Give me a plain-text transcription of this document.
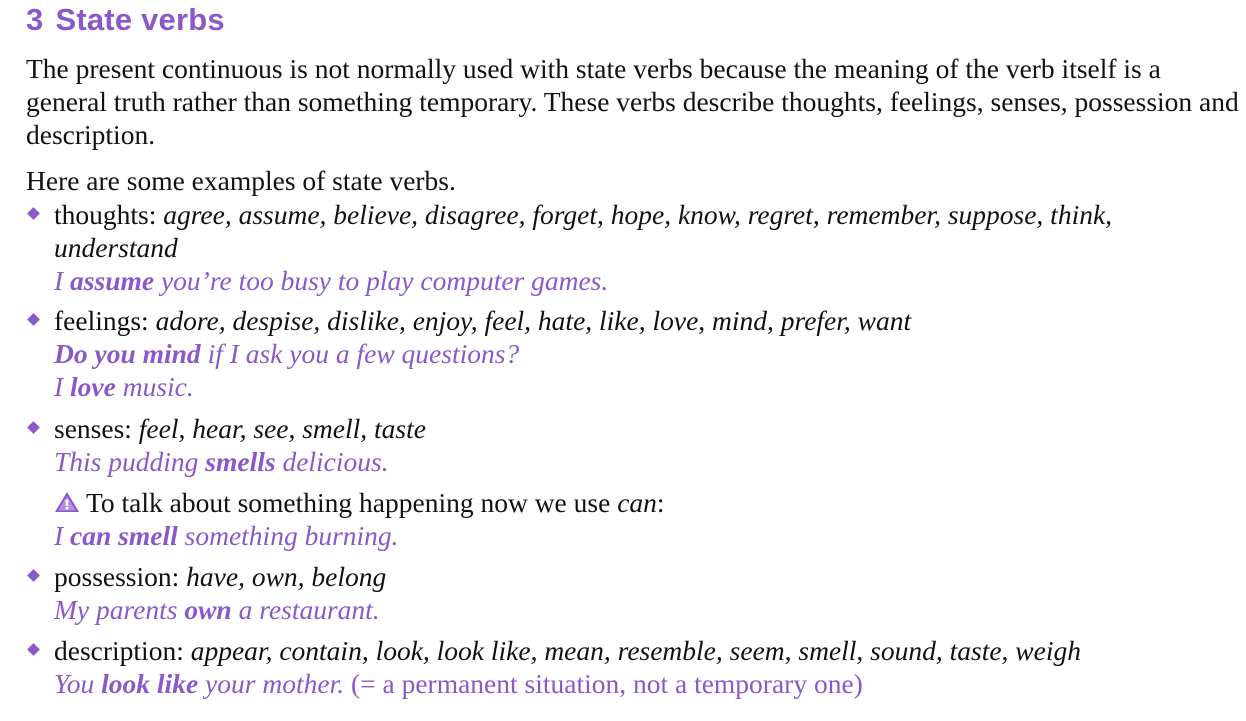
3 State verbs

The present continuous is not normally used with state verbs because the meaning of the verb itself is a general truth rather than something temporary. These verbs describe thoughts, feelings, senses, possession and description.

Here are some examples of state verbs.

thoughts: agree, assume, believe, disagree, forget, hope, know, regret, remember, suppose, think, understand
I assume you’re too busy to play computer games.
feelings: adore, despise, dislike, enjoy, feel, hate, like, love, mind, prefer, want
Do you mind if I ask you a few questions?
I love music.
senses: feel, hear, see, smell, taste
This pudding smells delicious.
To talk about something happening now we use can:
I can smell something burning.
possession: have, own, belong
My parents own a restaurant.
description: appear, contain, look, look like, mean, resemble, seem, smell, sound, taste, weigh
You look like your mother. (= a permanent situation, not a temporary one)
